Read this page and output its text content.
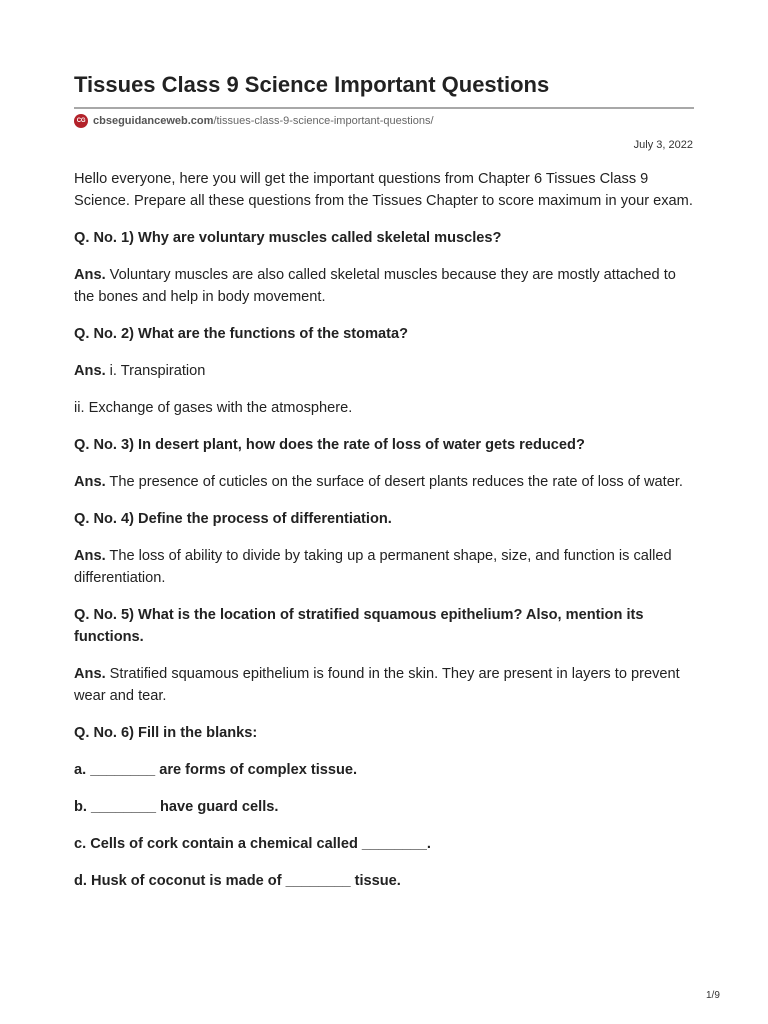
Tissues Class 9 Science Important Questions
CG cbseguidanceweb.com /tissues-class-9-science-important-questions/
July 3, 2022

Hello everyone, here you will get the important questions from Chapter 6 Tissues Class 9 Science. Prepare all these questions from the Tissues Chapter to score maximum in your exam.

Q. No. 1) Why are voluntary muscles called skeletal muscles?

Ans. Voluntary muscles are also called skeletal muscles because they are mostly attached to the bones and help in body movement.

Q. No. 2) What are the functions of the stomata?

Ans. i. Transpiration

ii. Exchange of gases with the atmosphere.

Q. No. 3) In desert plant, how does the rate of loss of water gets reduced?

Ans. The presence of cuticles on the surface of desert plants reduces the rate of loss of water.

Q. No. 4) Define the process of differentiation.

Ans. The loss of ability to divide by taking up a permanent shape, size, and function is called differentiation.

Q. No. 5) What is the location of stratified squamous epithelium? Also, mention its functions.

Ans. Stratified squamous epithelium is found in the skin. They are present in layers to prevent wear and tear.

Q. No. 6) Fill in the blanks:

a. ________ are forms of complex tissue.

b. ________ have guard cells.

c. Cells of cork contain a chemical called ________.

d. Husk of coconut is made of ________ tissue.

1/9
